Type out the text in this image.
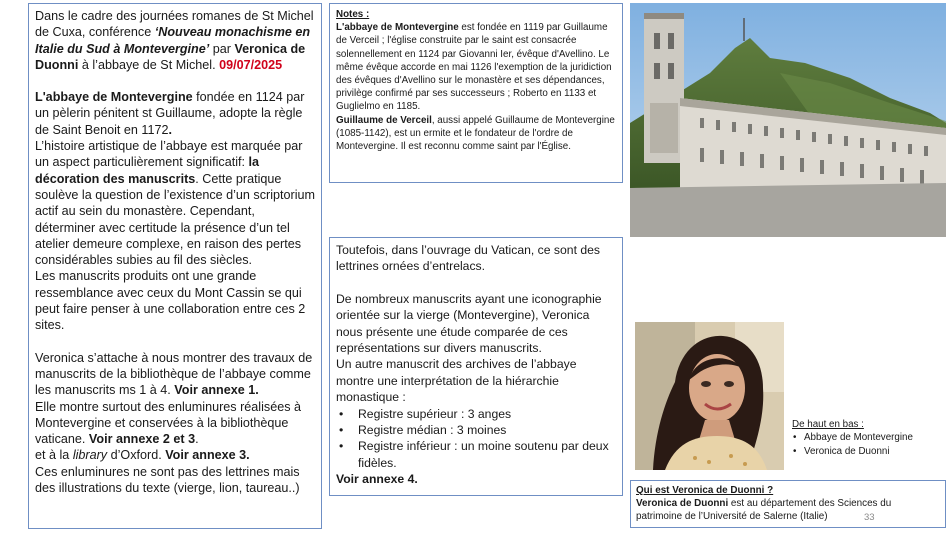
Dans le cadre des journées romanes de St Michel de Cuxa, conférence ‘Nouveau monachisme en Italie du Sud à Montevergine’ par Veronica de Duonni à l’abbaye de St Michel. 09/07/2025

L'abbaye de Montevergine fondée en 1124 par un pèlerin pénitent st Guillaume, adopte la règle de Saint Benoit en 1172.

L’histoire artistique de l’abbaye est marquée par un aspect particulièrement significatif: la décoration des manuscrits. Cette pratique soulève la question de l’existence d’un scriptorium actif au sein du monastère. Cependant, déterminer avec certitude la présence d’un tel atelier demeure complexe, en raison des pertes considérables subies au fil des siècles.

Les manuscrits produits ont une grande ressemblance avec ceux du Mont Cassin se qui peut faire penser à une collaboration entre ces 2 sites.

Veronica s’attache à nous montrer des travaux de manuscrits de la bibliothèque de l’abbaye comme les manuscrits ms 1 à 4. Voir annexe 1.

Elle montre surtout des enluminures réalisées à Montevergine et conservées à la bibliothèque vaticane. Voir annexe 2 et 3.

et à la library d’Oxford. Voir annexe 3.

Ces enluminures ne sont pas des lettrines mais des illustrations du texte (vierge, lion, taureau..)

Notes :

L'abbaye de Montevergine est fondée en 1119 par Guillaume de Verceil ; l'église construite par le saint est consacrée solennellement en 1124 par Giovanni Ier, évêque d'Avellino. Le même évêque accorde en mai 1126 l'exemption de la juridiction des évêques d'Avellino sur le monastère et ses dépendances, privilège confirmé par ses successeurs ; Roberto en 1133 et Guglielmo en 1185.

Guillaume de Verceil, aussi appelé Guillaume de Montevergine (1085-1142), est un ermite et le fondateur de l'ordre de Montevergine. Il est reconnu comme saint par l'Église.

Toutefois, dans l’ouvrage du Vatican, ce sont des lettrines ornées d’entrelacs.

De nombreux manuscrits ayant une iconographie orientée sur la vierge (Montevergine), Veronica nous présente une étude comparée de ces représentations sur divers manuscrits.

Un autre manuscrit des archives de l’abbaye montre une interprétation de la hiérarchie monastique :

• Registre supérieur : 3 anges
• Registre médian : 3 moines
• Registre inférieur : un moine soutenu par deux fidèles.

Voir annexe 4.

De haut en bas :

• Abbaye de Montevergine
• Veronica de Duonni

Qui est Veronica de Duonni ?

Veronica de Duonni est au département des Sciences du patrimoine de l’Université de Salerne (Italie)	33
